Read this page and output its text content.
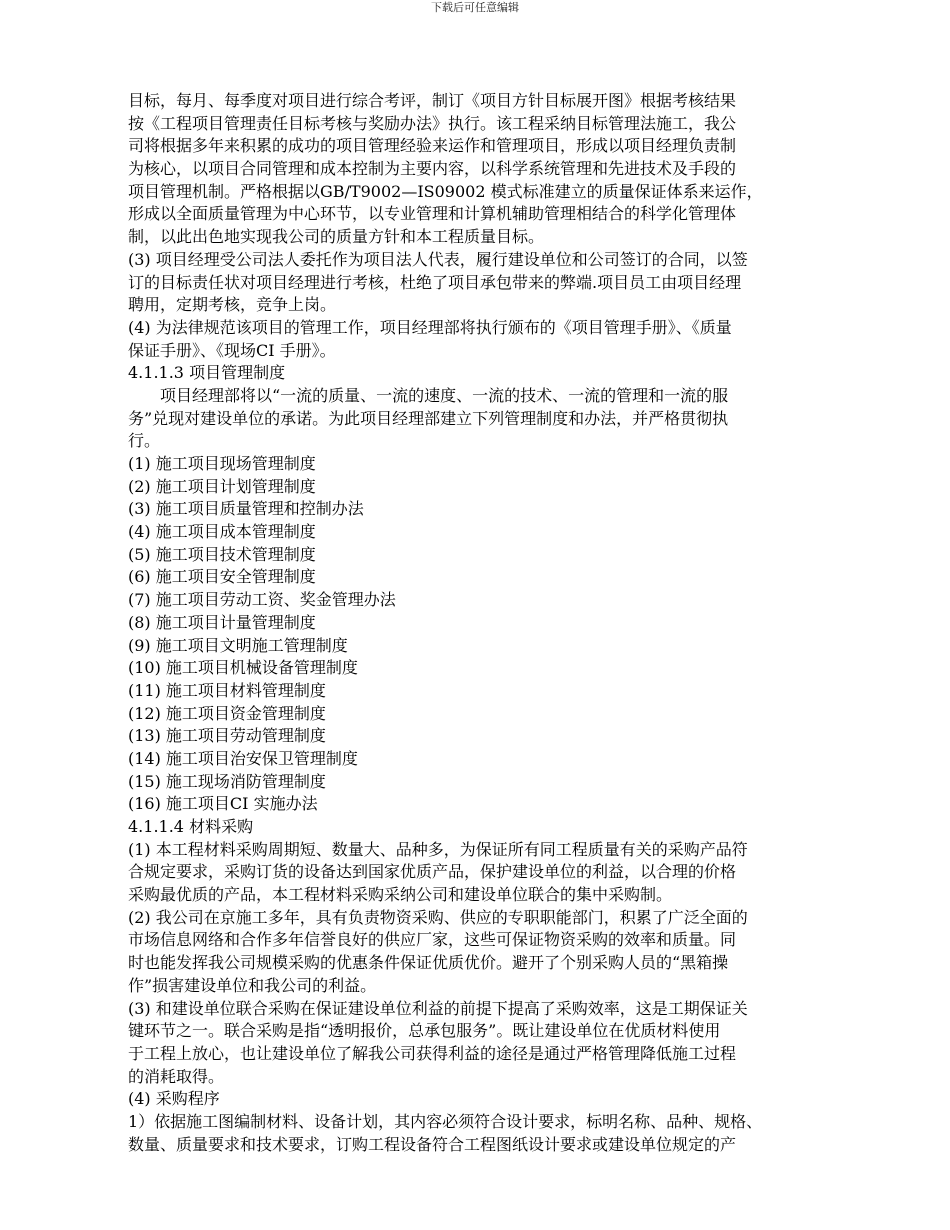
下载后可任意编辑
目标，每月、每季度对项目进行综合考评，制订《项目方针目标展开图》根据考核结果
按《工程项目管理责任目标考核与奖励办法》执行。该工程采纳目标管理法施工，我公
司将根据多年来积累的成功的项目管理经验来运作和管理项目，形成以项目经理负责制
为核心，以项目合同管理和成本控制为主要内容，以科学系统管理和先进技术及手段的
项目管理机制。严格根据以GB/T9002—IS09002 模式标准建立的质量保证体系来运作，
形成以全面质量管理为中心环节，以专业管理和计算机辅助管理相结合的科学化管理体
制，以此出色地实现我公司的质量方针和本工程质量目标。
(3) 项目经理受公司法人委托作为项目法人代表，履行建设单位和公司签订的合同，以签
订的目标责任状对项目经理进行考核，杜绝了项目承包带来的弊端.项目员工由项目经理
聘用，定期考核，竞争上岗。
(4) 为法律规范该项目的管理工作，项目经理部将执行颁布的《项目管理手册》、《质量
保证手册》、《现场CI 手册》。
4.1.1.3 项目管理制度
项目经理部将以“一流的质量、一流的速度、一流的技术、一流的管理和一流的服
务”兑现对建设单位的承诺。为此项目经理部建立下列管理制度和办法，并严格贯彻执
行。
(1) 施工项目现场管理制度
(2) 施工项目计划管理制度
(3) 施工项目质量管理和控制办法
(4) 施工项目成本管理制度
(5) 施工项目技术管理制度
(6) 施工项目安全管理制度
(7) 施工项目劳动工资、奖金管理办法
(8) 施工项目计量管理制度
(9) 施工项目文明施工管理制度
(10) 施工项目机械设备管理制度
(11) 施工项目材料管理制度
(12) 施工项目资金管理制度
(13) 施工项目劳动管理制度
(14) 施工项目治安保卫管理制度
(15) 施工现场消防管理制度
(16) 施工项目CI 实施办法
4.1.1.4 材料采购
(1) 本工程材料采购周期短、数量大、品种多，为保证所有同工程质量有关的采购产品符
合规定要求，采购订货的设备达到国家优质产品，保护建设单位的利益，以合理的价格
采购最优质的产品，本工程材料采购采纳公司和建设单位联合的集中采购制。
(2) 我公司在京施工多年，具有负责物资采购、供应的专职职能部门，积累了广泛全面的
市场信息网络和合作多年信誉良好的供应厂家，这些可保证物资采购的效率和质量。同
时也能发挥我公司规模采购的优惠条件保证优质优价。避开了个别采购人员的“黑箱操
作”损害建设单位和我公司的利益。
(3) 和建设单位联合采购在保证建设单位利益的前提下提高了采购效率，这是工期保证关
键环节之一。联合采购是指“透明报价，总承包服务”。既让建设单位在优质材料使用
于工程上放心，也让建设单位了解我公司获得利益的途径是通过严格管理降低施工过程
的消耗取得。
(4) 采购程序
1）依据施工图编制材料、设备计划，其内容必须符合设计要求，标明名称、品种、规格、
数量、质量要求和技术要求，订购工程设备符合工程图纸设计要求或建设单位规定的产
